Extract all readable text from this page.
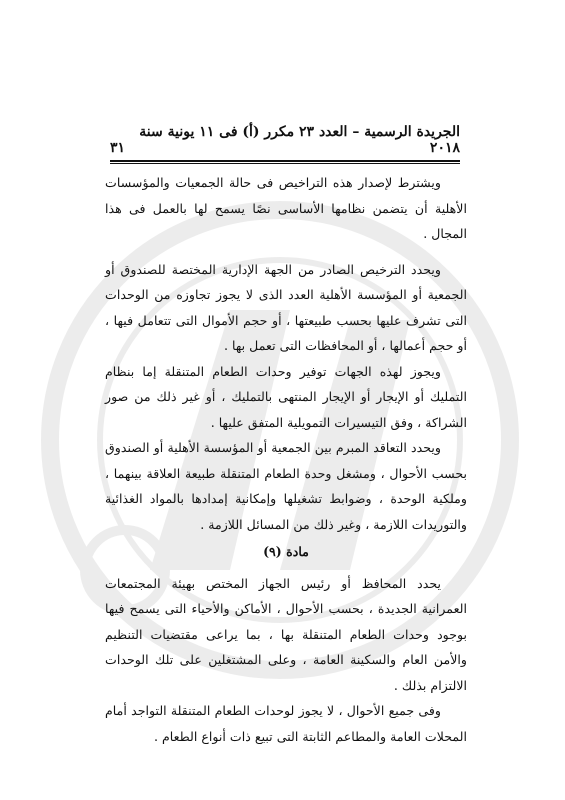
الجريدة الرسمية – العدد ٢٣ مكرر (أ) فى ١١ يونية سنة ٢٠١٨
٣١

ويشترط لإصدار هذه التراخيص فى حالة الجمعيات والمؤسسات الأهلية أن يتضمن نظامها الأساسى نصًا يسمح لها بالعمل فى هذا المجال .

ويحدد الترخيص الصادر من الجهة الإدارية المختصة للصندوق أو الجمعية أو المؤسسة الأهلية العدد الذى لا يجوز تجاوزه من الوحدات التى تشرف عليها بحسب طبيعتها ، أو حجم الأموال التى تتعامل فيها ، أو حجم أعمالها ، أو المحافظات التى تعمل بها .

ويجوز لهذه الجهات توفير وحدات الطعام المتنقلة إما بنظام التمليك أو الإيجار أو الإيجار المنتهى بالتمليك ، أو غير ذلك من صور الشراكة ، وفق التيسيرات التمويلية المتفق عليها .

ويحدد التعاقد المبرم بين الجمعية أو المؤسسة الأهلية أو الصندوق بحسب الأحوال ، ومشغل وحدة الطعام المتنقلة طبيعة العلاقة بينهما ، وملكية الوحدة ، وضوابط تشغيلها وإمكانية إمدادها بالمواد الغذائية والتوريدات اللازمة ، وغير ذلك من المسائل اللازمة .

مادة (٩)

يحدد المحافظ أو رئيس الجهاز المختص بهيئة المجتمعات العمرانية الجديدة ، بحسب الأحوال ، الأماكن والأحياء التى يسمح فيها بوجود وحدات الطعام المتنقلة بها ، بما يراعى مقتضيات التنظيم والأمن العام والسكينة العامة ، وعلى المشتغلين على تلك الوحدات الالتزام بذلك .

وفى جميع الأحوال ، لا يجوز لوحدات الطعام المتنقلة التواجد أمام المحلات العامة والمطاعم الثابتة التى تبيع ذات أنواع الطعام .
